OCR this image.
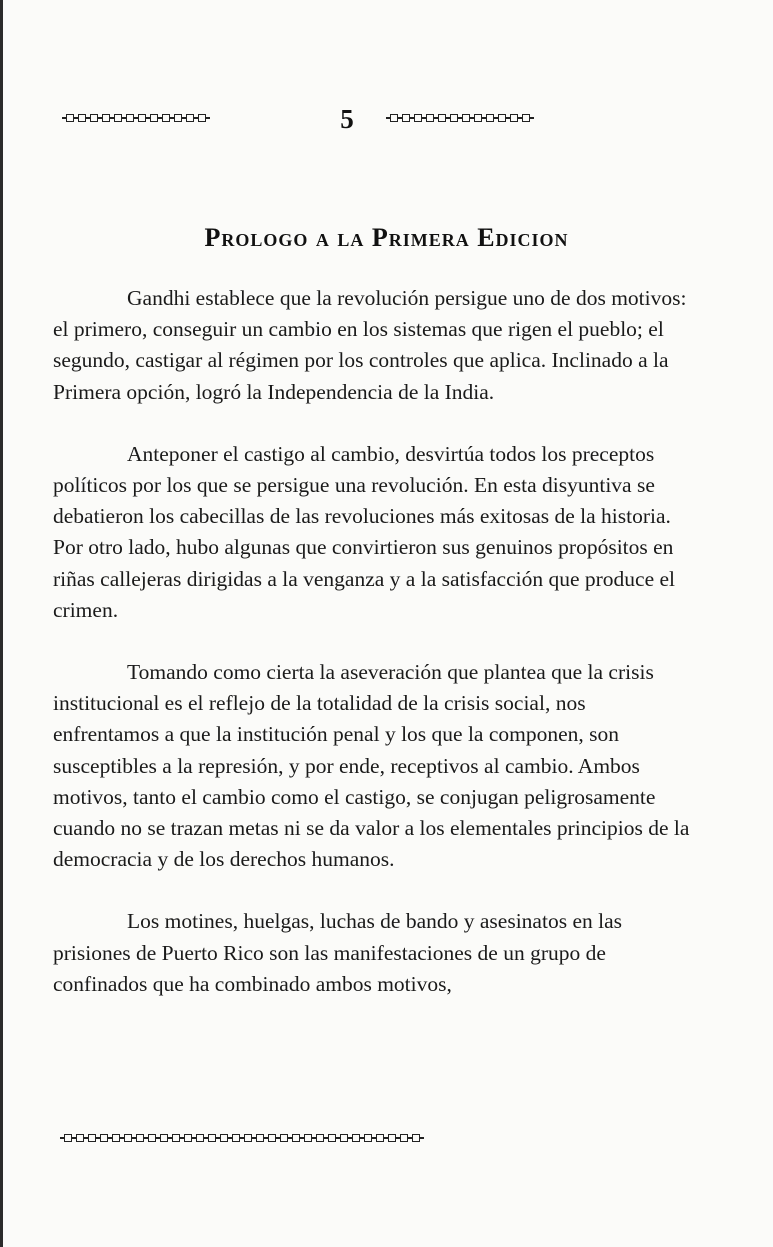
5
Prologo a la Primera Edicion

Gandhi establece que la revolución persigue uno de dos motivos: el primero, conseguir un cambio en los sistemas que rigen el pueblo; el segundo, castigar al régimen por los controles que aplica. Inclinado a la Primera opción, logró la Independencia de la India.

Anteponer el castigo al cambio, desvirtúa todos los preceptos políticos por los que se persigue una revolución. En esta disyuntiva se debatieron los cabecillas de las revoluciones más exitosas de la historia. Por otro lado, hubo algunas que convirtieron sus genuinos propósitos en riñas callejeras dirigidas a la venganza y a la satisfacción que produce el crimen.

Tomando como cierta la aseveración que plantea que la crisis institucional es el reflejo de la totalidad de la crisis social, nos enfrentamos a que la institución penal y los que la componen, son susceptibles a la represión, y por ende, receptivos al cambio. Ambos motivos, tanto el cambio como el castigo, se conjugan peligrosamente cuando no se trazan metas ni se da valor a los elementales principios de la democracia y de los derechos humanos.

Los motines, huelgas, luchas de bando y asesinatos en las prisiones de Puerto Rico son las manifestaciones de un grupo de confinados que ha combinado ambos motivos,
